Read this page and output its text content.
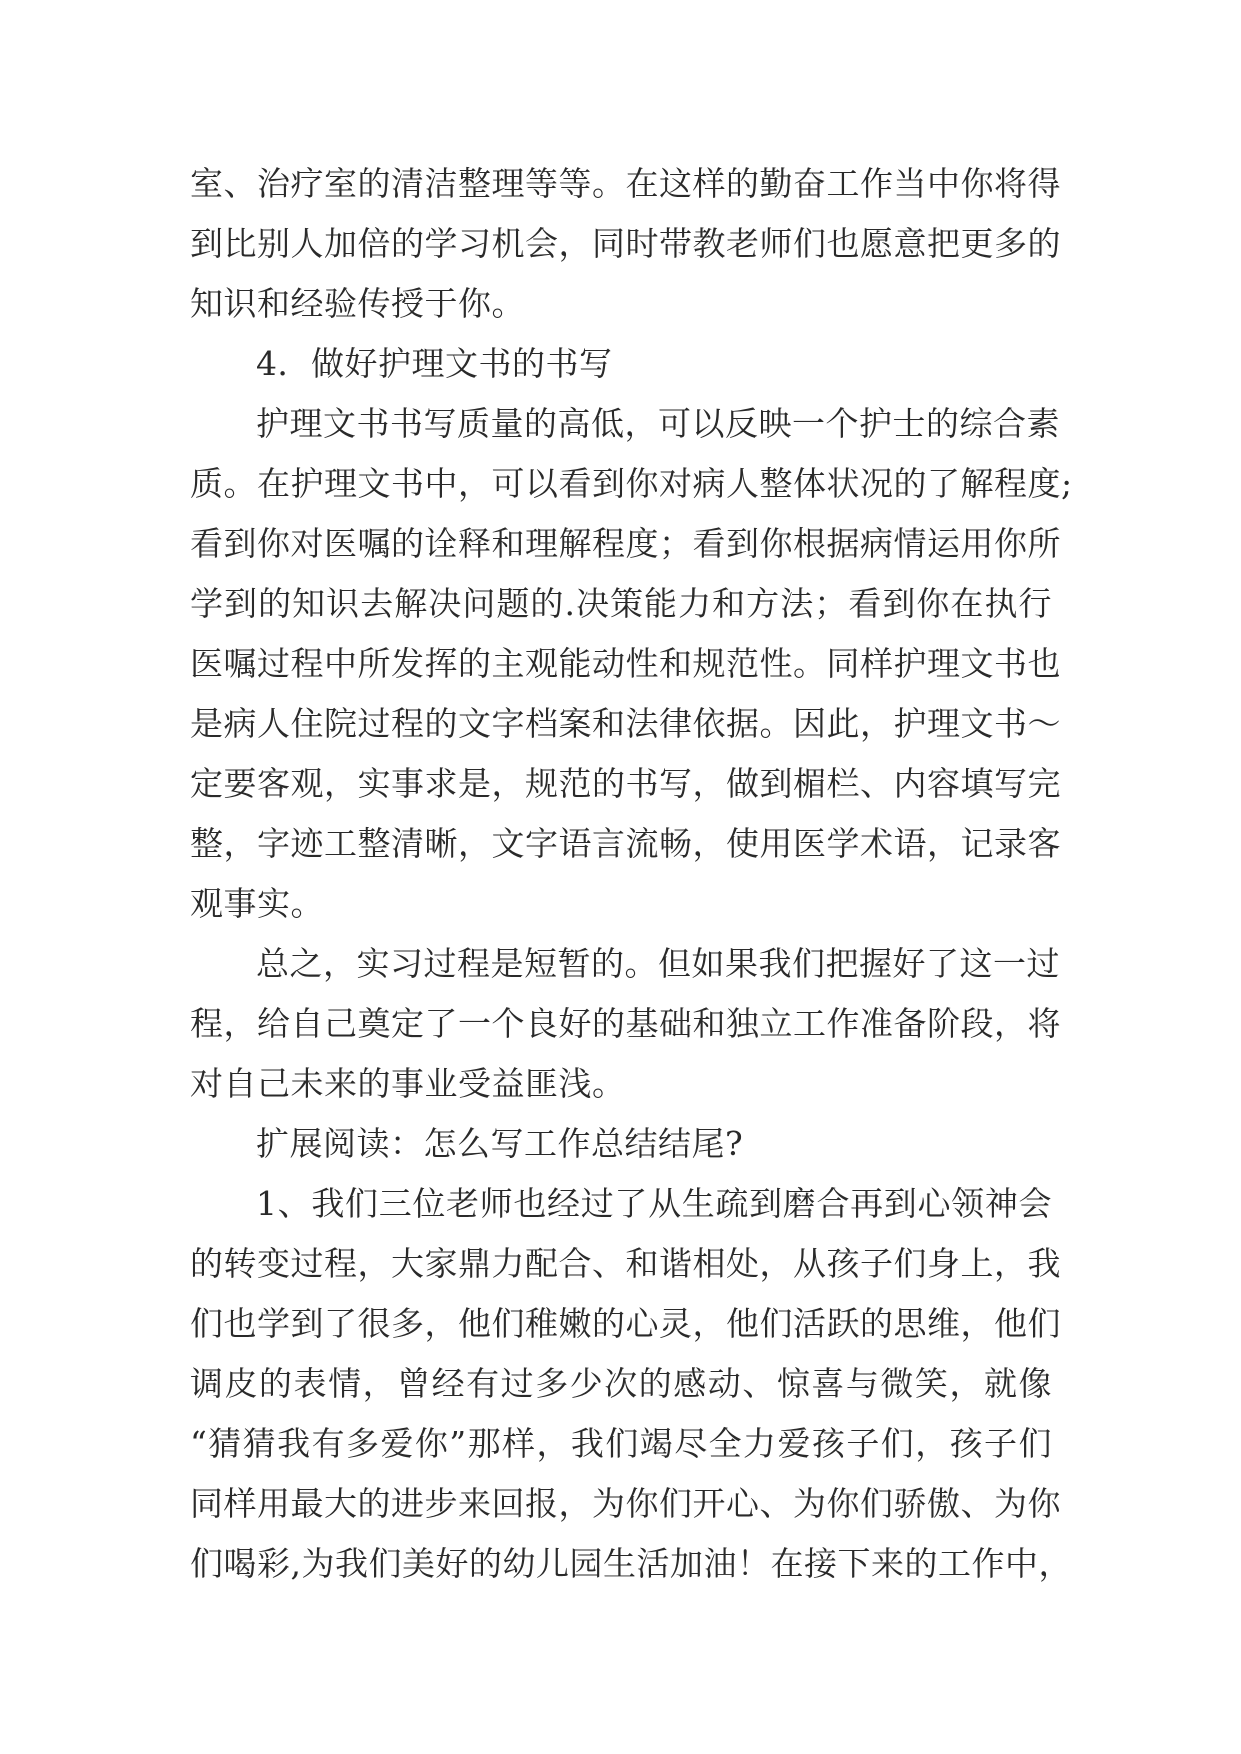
室、治疗室的清洁整理等等。在这样的勤奋工作当中你将得
到比别人加倍的学习机会，同时带教老师们也愿意把更多的
知识和经验传授于你。
4．做好护理文书的书写
护理文书书写质量的高低，可以反映一个护士的综合素
质。在护理文书中，可以看到你对病人整体状况的了解程度;
看到你对医嘱的诠释和理解程度；看到你根据病情运用你所
学到的知识去解决问题的.决策能力和方法；看到你在执行
医嘱过程中所发挥的主观能动性和规范性。同样护理文书也
是病人住院过程的文字档案和法律依据。因此，护理文书～
定要客观，实事求是，规范的书写，做到楣栏、内容填写完
整，字迹工整清晰，文字语言流畅，使用医学术语，记录客
观事实。
总之，实习过程是短暂的。但如果我们把握好了这一过
程，给自己奠定了一个良好的基础和独立工作准备阶段，将
对自己未来的事业受益匪浅。
扩展阅读：怎么写工作总结结尾?
1、我们三位老师也经过了从生疏到磨合再到心领神会
的转变过程，大家鼎力配合、和谐相处，从孩子们身上，我
们也学到了很多，他们稚嫩的心灵，他们活跃的思维，他们
调皮的表情，曾经有过多少次的感动、惊喜与微笑，就像
“猜猜我有多爱你”那样，我们竭尽全力爱孩子们，孩子们
同样用最大的进步来回报，为你们开心、为你们骄傲、为你
们喝彩,为我们美好的幼儿园生活加油！在接下来的工作中，
